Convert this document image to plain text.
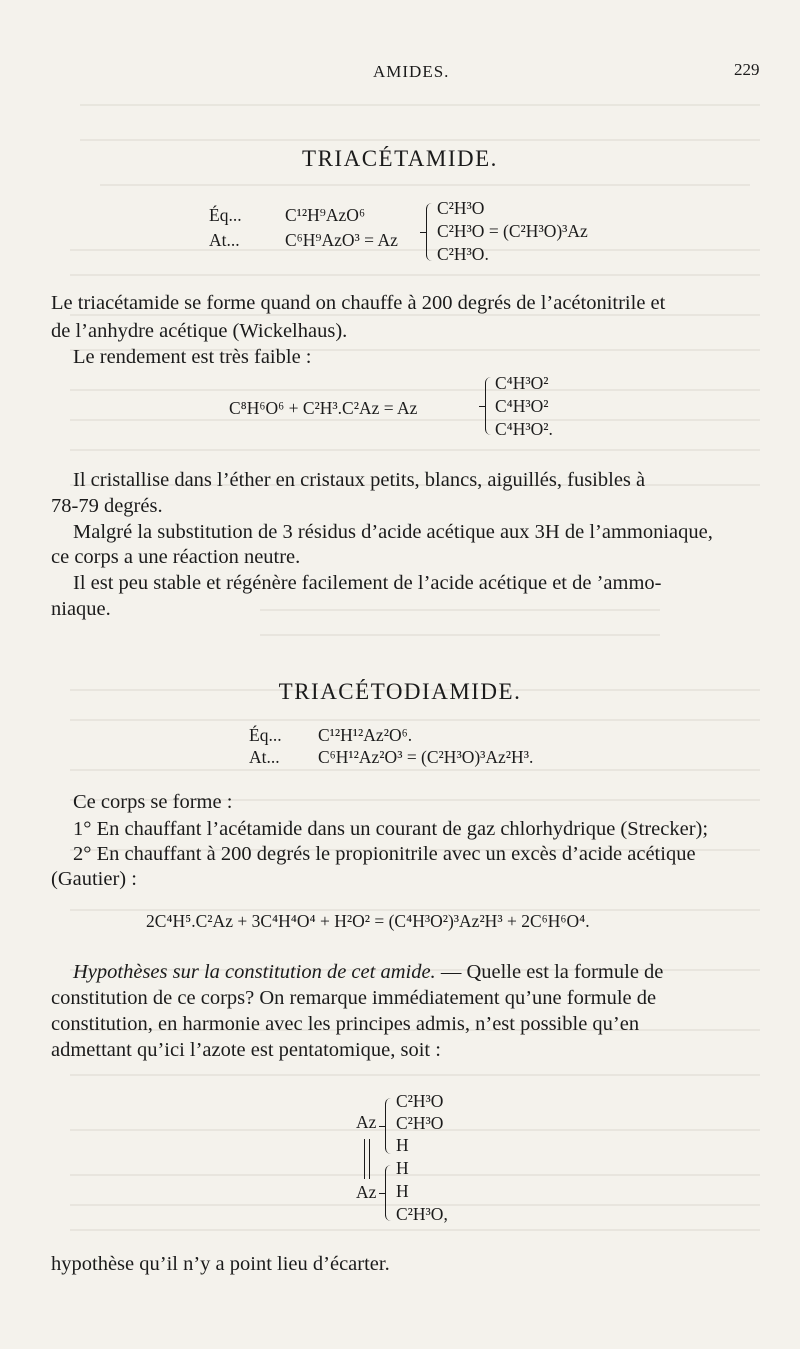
AMIDES.	229
TRIACÉTAMIDE.
Éq... C¹²H⁹AzO⁶
At...	C⁶H⁹AzO³ = Az
C²H³O
C²H³O = (C²H³O)³Az
C²H³O.
Le triacétamide se forme quand on chauffe à 200 degrés de l’acétonitrile et
de l’anhydre acétique (Wickelhaus).
Le rendement est très faible :
C⁸H⁶O⁶ + C²H³.C²Az = Az
C⁴H³O²
C⁴H³O²
C⁴H³O².
Il cristallise dans l’éther en cristaux petits, blancs, aiguillés, fusibles à
78-79 degrés.
Malgré la substitution de 3 résidus d’acide acétique aux 3H de l’ammoniaque,
ce corps a une réaction neutre.
Il est peu stable et régénère facilement de l’acide acétique et de ’ammo-
niaque.
TRIACÉTODIAMIDE.
Éq... C¹²H¹²Az²O⁶.
At... C⁶H¹²Az²O³ = (C²H³O)³Az²H³.
Ce corps se forme :
1° En chauffant l’acétamide dans un courant de gaz chlorhydrique (Strecker);
2° En chauffant à 200 degrés le propionitrile avec un excès d’acide acétique
(Gautier) :
2C⁴H⁵.C²Az + 3C⁴H⁴O⁴ + H²O² = (C⁴H³O²)³Az²H³ + 2C⁶H⁶O⁴.
Hypothèses sur la constitution de cet amide. — Quelle est la formule de
constitution de ce corps? On remarque immédiatement qu’une formule de
constitution, en harmonie avec les principes admis, n’est possible qu’en
admettant qu’ici l’azote est pentatomique, soit :
Az
C²H³O
C²H³O
H
Az
H
H
C²H³O,
hypothèse qu’il n’y a point lieu d’écarter.
